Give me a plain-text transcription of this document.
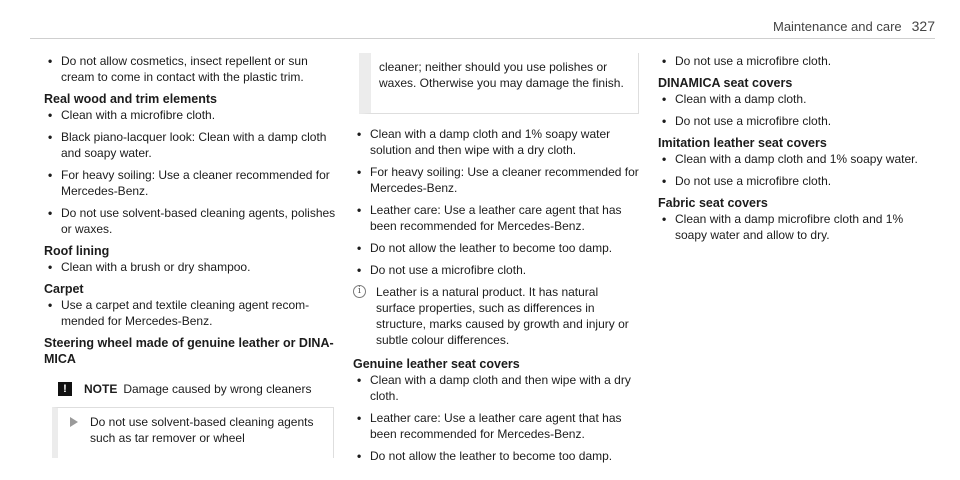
Maintenance and care 327
• Do not allow cosmetics, insect repellent or sun cream to come in contact with the plastic trim.
Real wood and trim elements
• Clean with a microfibre cloth.
• Black piano-lacquer look: Clean with a damp cloth and soapy water.
• For heavy soiling: Use a cleaner recommended for Mercedes-Benz.
• Do not use solvent-based cleaning agents, polishes or waxes.
Roof lining
• Clean with a brush or dry shampoo.
Carpet
• Use a carpet and textile cleaning agent recommended for Mercedes-Benz.
Steering wheel made of genuine leather or DINAMICA
!	NOTE Damage caused by wrong cleaners
Do not use solvent-based cleaning agents such as tar remover or wheel
cleaner; neither should you use polishes or waxes. Otherwise you may damage the finish.
• Clean with a damp cloth and 1% soapy water solution and then wipe with a dry cloth.
• For heavy soiling: Use a cleaner recommended for Mercedes-Benz.
• Leather care: Use a leather care agent that has been recommended for Mercedes-Benz.
• Do not allow the leather to become too damp.
• Do not use a microfibre cloth.
i	Leather is a natural product. It has natural surface properties, such as differences in structure, marks caused by growth and injury or subtle colour differences.
Genuine leather seat covers
• Clean with a damp cloth and then wipe with a dry cloth.
• Leather care: Use a leather care agent that has been recommended for Mercedes-Benz.
• Do not allow the leather to become too damp.
• Do not use a microfibre cloth.
DINAMICA seat covers
• Clean with a damp cloth.
• Do not use a microfibre cloth.
Imitation leather seat covers
• Clean with a damp cloth and 1% soapy water.
• Do not use a microfibre cloth.
Fabric seat covers
• Clean with a damp microfibre cloth and 1% soapy water and allow to dry.
